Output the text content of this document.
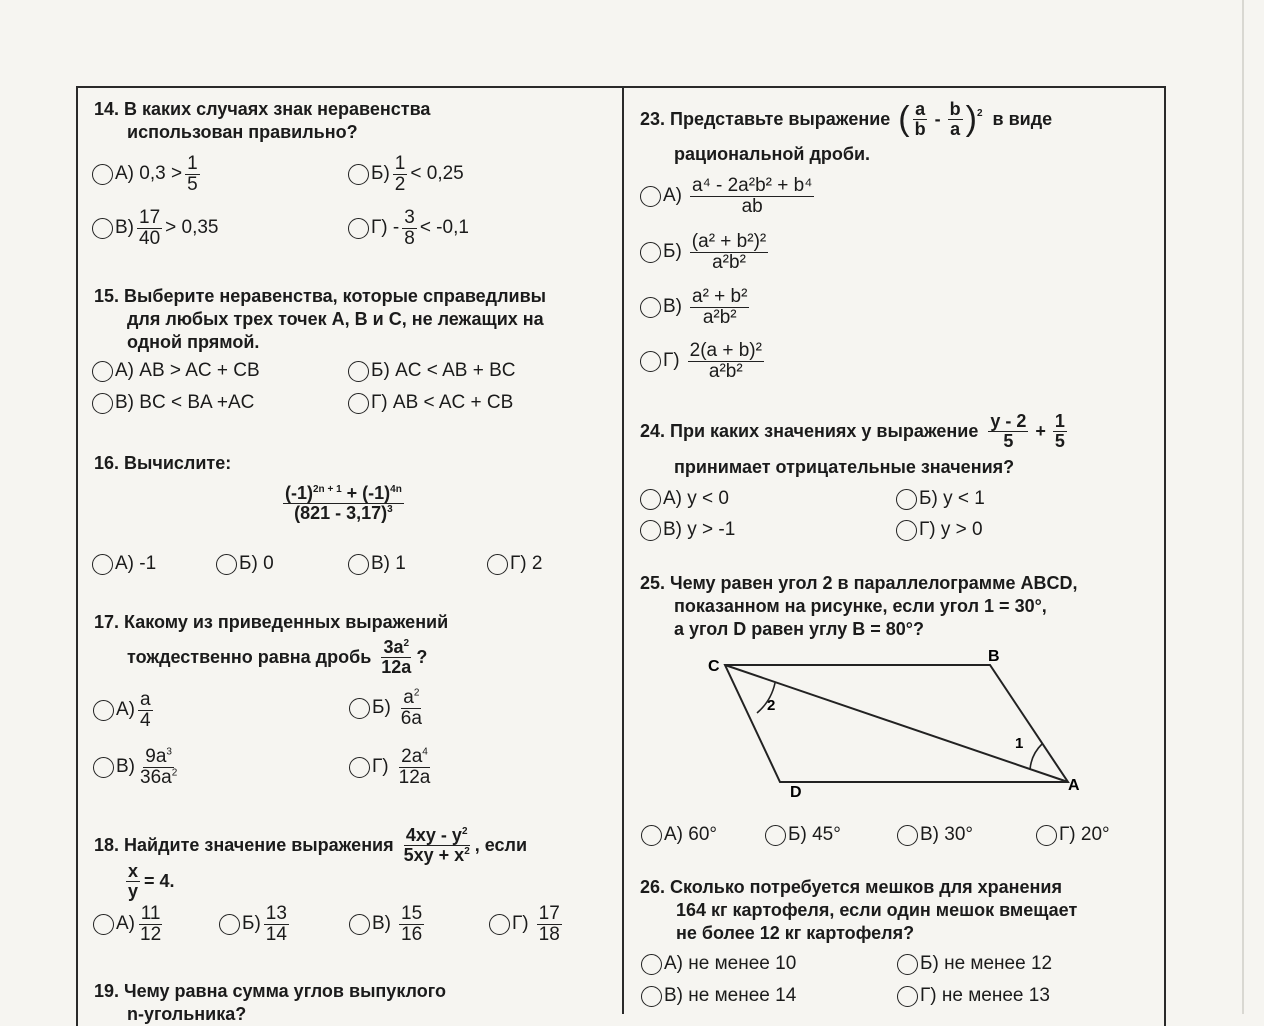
14. В каких случаях знак неравенства
использован правильно?
А) $0,3 > \frac{1}{5}$	$Б) \frac{1}{2} < 0,25$
$В) \frac{17}{40} > 0,35$	$Г) - \frac{3}{8} < -0,1$
15. Выберите неравенства, которые справедливы
для любых трех точек А, В и С, не лежащих на
одной прямой.
А) AB > AC + CB	Б) AC < AB + BC
В) BC < BA +AC	Г) AB < AC + CB
16. Вычислите:
$\frac{(-1)^{2n + 1} + (-1)^{4n}}{(821 - 3,17)^3}$
А) -1	Б) 0	В) 1	Г) 2
17. Какому из приведенных выражений
тождественно равна дробь $\frac{3a^2}{12a}$ ?
$А) \frac{a}{4}$	$Б) \frac{a^2}{6a}$
$В) \frac{9a^3}{36a^2}$	$Г) \frac{2a^4}{12a}$
18. Найдите значение выражения $\frac{4xy - y^2}{5xy + x^2}$ , если
$\frac{x}{y} = 4$.
$А) \frac{11}{12}$	$Б) \frac{13}{14}$	$В) \frac{15}{16}$	$Г) \frac{17}{18}$
19. Чему равна сумма углов выпуклого
n-угольника?
23. Представьте выражение ( $\frac{a}{b} - \frac{b}{a} )^2$ в виде
рациональной дроби.
$А) \frac{\text{a⁴ - 2a²b² + b⁴}}{ab}$
$Б) \frac{\text{(a² + b²)²}}{\text{a²b²}}$
$В) \frac{\text{a² + b²}}{\text{a²b²}}$
$Г) \frac{\text{2(a + b)²}}{\text{a²b²}}$
24. При каких значениях у выражение $\frac{y - 2}{5} + \frac{1}{5}$
принимает отрицательные значения?
А) y < 0	Б) y < 1
В) y > -1	Г) y > 0
25. Чему равен угол 2 в параллелограмме ABCD,
показанном на рисунке, если угол 1 = 30°,
а угол D равен углу B = 80°?
C
B
D	A
2
1
А) 60°	Б) 45°	В) 30°	Г) 20°
26. Сколько потребуется мешков для хранения
164 кг картофеля, если один мешок вмещает
не более 12 кг картофеля?
А) не менее 10	Б) не менее 12
В) не менее 14	Г) не менее 13
